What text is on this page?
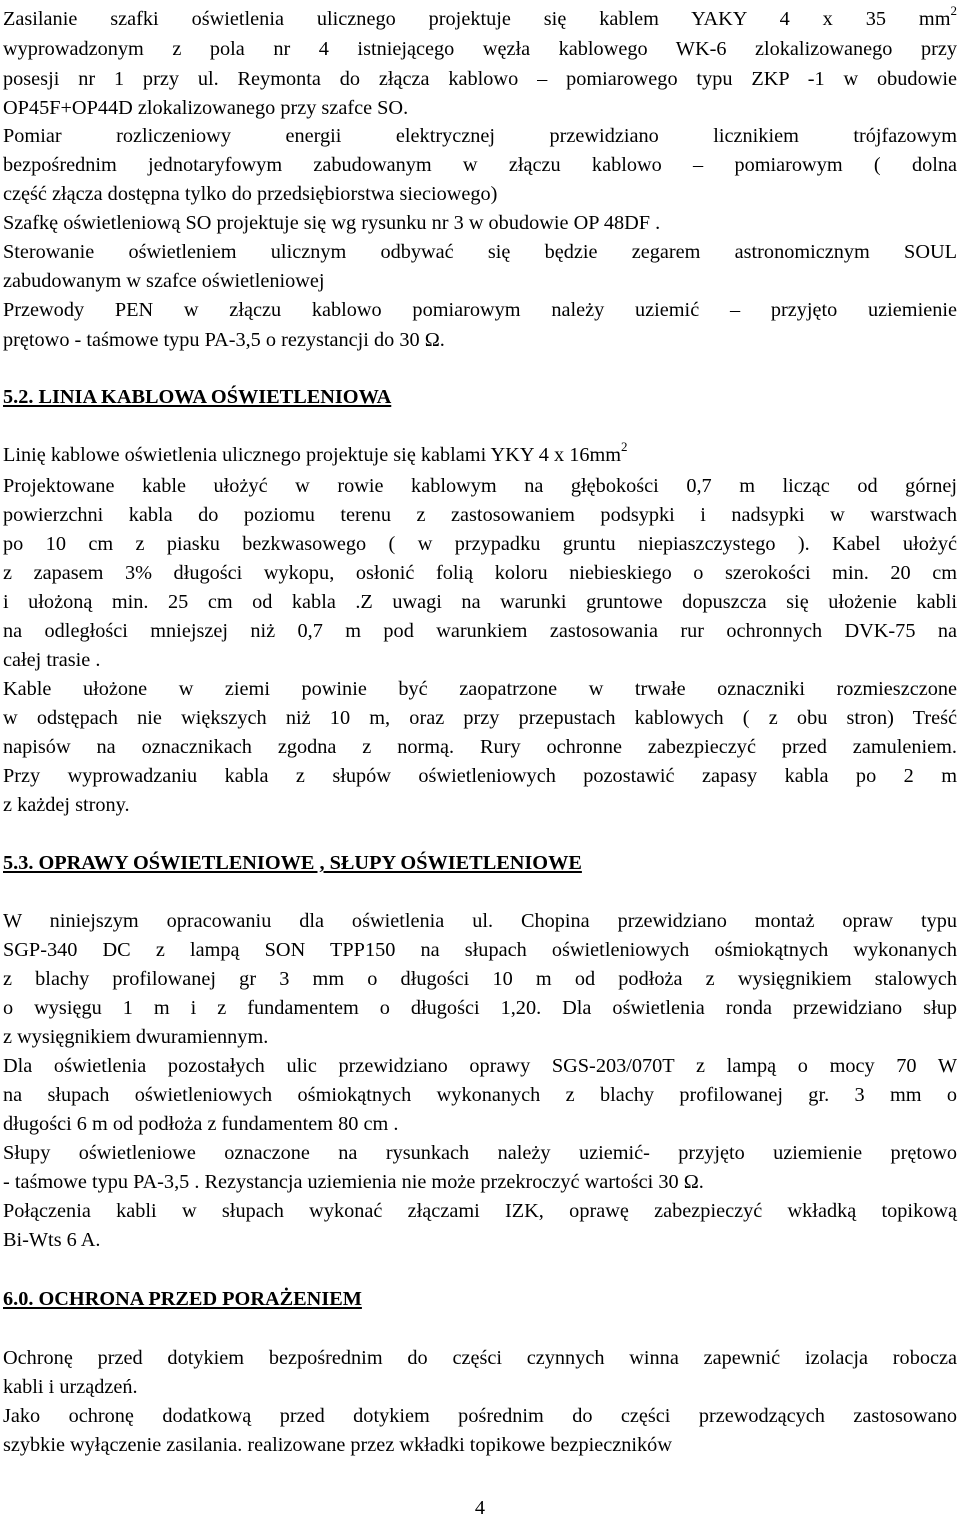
Zasilanie szafki oświetlenia ulicznego projektuje się kablem YAKY 4 x 35 $mm^2$
wyprowadzonym z pola nr 4 istniejącego węzła kablowego WK-6 zlokalizowanego przy
posesji nr 1 przy ul. Reymonta do złącza kablowo – pomiarowego typu ZKP -1 w obudowie
OP45F+OP44D zlokalizowanego przy szafce SO.
Pomiar rozliczeniowy energii elektrycznej przewidziano licznikiem trójfazowym
bezpośrednim jednotaryfowym zabudowanym w złączu kablowo – pomiarowym ( dolna
część złącza dostępna tylko do przedsiębiorstwa sieciowego)
Szafkę oświetleniową SO projektuje się wg rysunku nr 3 w obudowie OP 48DF .
Sterowanie oświetleniem ulicznym odbywać się będzie zegarem astronomicznym SOUL
zabudowanym w szafce oświetleniowej
Przewody PEN w złączu kablowo pomiarowym należy uziemić – przyjęto uziemienie
prętowo - taśmowe typu PA-3,5 o rezystancji do 30 Ω.
5.2. LINIA KABLOWA OŚWIETLENIOWA
Linię kablowe oświetlenia ulicznego projektuje się kablami YKY 4 x $16mm^2$
Projektowane kable ułożyć w rowie kablowym na głębokości 0,7 m licząc od górnej
powierzchni kabla do poziomu terenu z zastosowaniem podsypki i nadsypki w warstwach
po 10 cm z piasku bezkwasowego ( w przypadku gruntu niepiaszczystego ). Kabel ułożyć
z zapasem 3% długości wykopu, osłonić folią koloru niebieskiego o szerokości min. 20 cm
i ułożoną min. 25 cm od kabla .Z uwagi na warunki gruntowe dopuszcza się ułożenie kabli
na odległości mniejszej niż 0,7 m pod warunkiem zastosowania rur ochronnych DVK-75 na
całej trasie .
Kable ułożone w ziemi powinie być zaopatrzone w trwałe oznaczniki rozmieszczone
w odstępach nie większych niż 10 m, oraz przy przepustach kablowych ( z obu stron) Treść
napisów na oznacznikach zgodna z normą. Rury ochronne zabezpieczyć przed zamuleniem.
Przy wyprowadzaniu kabla z słupów oświetleniowych pozostawić zapasy kabla po 2 m
z każdej strony.
5.3. OPRAWY OŚWIETLENIOWE , SŁUPY OŚWIETLENIOWE
W niniejszym opracowaniu dla oświetlenia ul. Chopina przewidziano montaż opraw typu
SGP-340 DC z lampą SON TPP150 na słupach oświetleniowych ośmiokątnych wykonanych
z blachy profilowanej gr 3 mm o długości 10 m od podłoża z wysięgnikiem stalowych
o wysięgu 1 m i z fundamentem o długości 1,20. Dla oświetlenia ronda przewidziano słup
z wysięgnikiem dwuramiennym.
Dla oświetlenia pozostałych ulic przewidziano oprawy SGS-203/070T z lampą o mocy 70 W
na słupach oświetleniowych ośmiokątnych wykonanych z blachy profilowanej gr. 3 mm o
długości 6 m od podłoża z fundamentem 80 cm .
Słupy oświetleniowe oznaczone na rysunkach należy uziemić- przyjęto uziemienie prętowo
- taśmowe typu PA-3,5 . Rezystancja uziemienia nie może przekroczyć wartości 30 Ω.
Połączenia kabli w słupach wykonać złączami IZK, oprawę zabezpieczyć wkładką topikową
Bi-Wts 6 A.
6.0. OCHRONA PRZED PORAŻENIEM
Ochronę przed dotykiem bezpośrednim do części czynnych winna zapewnić izolacja robocza
kabli i urządzeń.
Jako ochronę dodatkową przed dotykiem pośrednim do części przewodzących zastosowano
szybkie wyłączenie zasilania. realizowane przez wkładki topikowe bezpieczników
4
